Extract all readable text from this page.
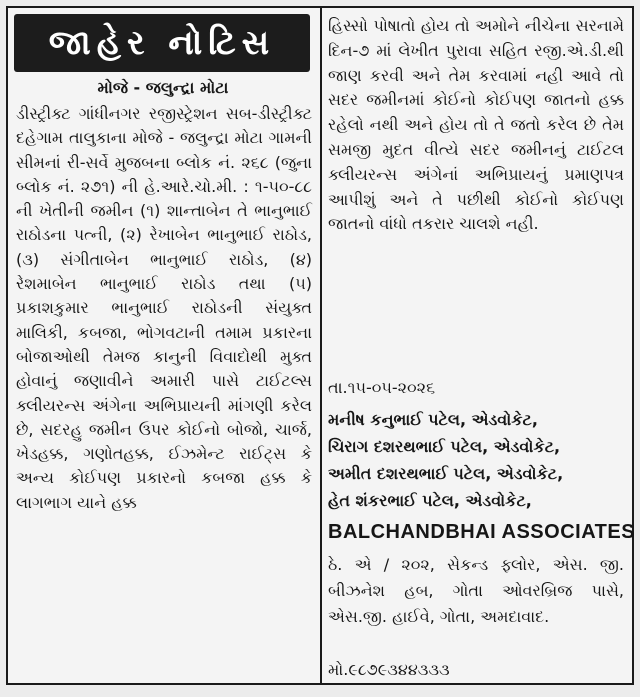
જાહેર નોટિસ
મોજે - જલુન્દ્રા મોટા

ડીસ્ટ્રીક્ટ ગાંધીનગર રજીસ્ટ્રેશન સબ-ડીસ્ટ્રીક્ટ દહેગામ તાલુકાના મોજે - જલુન્દ્રા મોટા ગામની સીમનાં રી-સર્વે મુજબના બ્લોક નં. ૨૬૮ (જુના બ્લોક નં. ૨૭૧) ની હે.આરે.ચો.મી. : ૧-૫૦-૮૮ ની ખેતીની જમીન (૧) શાન્તાબેન તે ભાનુભાઈ રાઠોડના પત્ની, (૨) રેખાબેન ભાનુભાઈ રાઠોડ, (૩) સંગીતાબેન ભાનુભાઈ રાઠોડ, (૪) રેશમાબેન ભાનુભાઈ રાઠોડ તથા (૫) પ્રકાશકુમાર ભાનુભાઈ રાઠોડની સંયુક્ત માલિકી, કબજા, ભોગવટાની તમામ પ્રકારના બોજાઓથી તેમજ કાનુની વિવાદોથી મુક્ત હોવાનું જણાવીને અમારી પાસે ટાઈટલ્સ ક્લીયરન્સ અંગેના અભિપ્રાયની માંગણી કરેલ છે, સદરહુ જમીન ઉપર કોઈનો બોજો, ચાર્જ, ખેડહક્ક, ગણોતહક્ક, ઈઝમેન્ટ રાઈટ્સ કે અન્ય કોઈપણ પ્રકારનો કબજા હક્ક કે લાગભાગ યાને હક્ક

હિસ્સો પોષાતો હોય તો અમોને નીચેના સરનામે દિન-૭ માં લેખીત પુરાવા સહિત રજી.એ.ડી.થી જાણ કરવી અને તેમ કરવામાં નહી આવે તો સદર જમીનમાં કોઈનો કોઈપણ જાતનો હક્ક રહેલો નથી અને હોય તો તે જતો કરેલ છે તેમ સમજી મુદત વીત્યે સદર જમીનનું ટાઈટલ ક્લીયરન્સ અંગેનાં અભિપ્રાયનું પ્રમાણપત્ર આપીશું અને તે પછીથી કોઈનો કોઈપણ જાતનો વાંધો તકરાર ચાલશે નહી.

તા.૧૫-૦૫-૨૦૨૬
મનીષ કનુભાઈ પટેલ, એડવોકેટ,
ચિરાગ દશરથભાઈ પટેલ, એડવોકેટ,
અમીત દશરથભાઈ પટેલ, એડવોકેટ,
હેત શંકરભાઈ પટેલ, એડવોકેટ,
BALCHANDBHAI ASSOCIATES

ઠે. એ / ૨૦૨, સેકન્ડ ફ્લોર, એસ. જી. બીઝનેશ હબ, ગોતા ઓવરબ્રિજ પાસે, એસ.જી. હાઈવે, ગોતા, અમદાવાદ.

મો.૯૮૭૯૩૪૪૩૩૩
